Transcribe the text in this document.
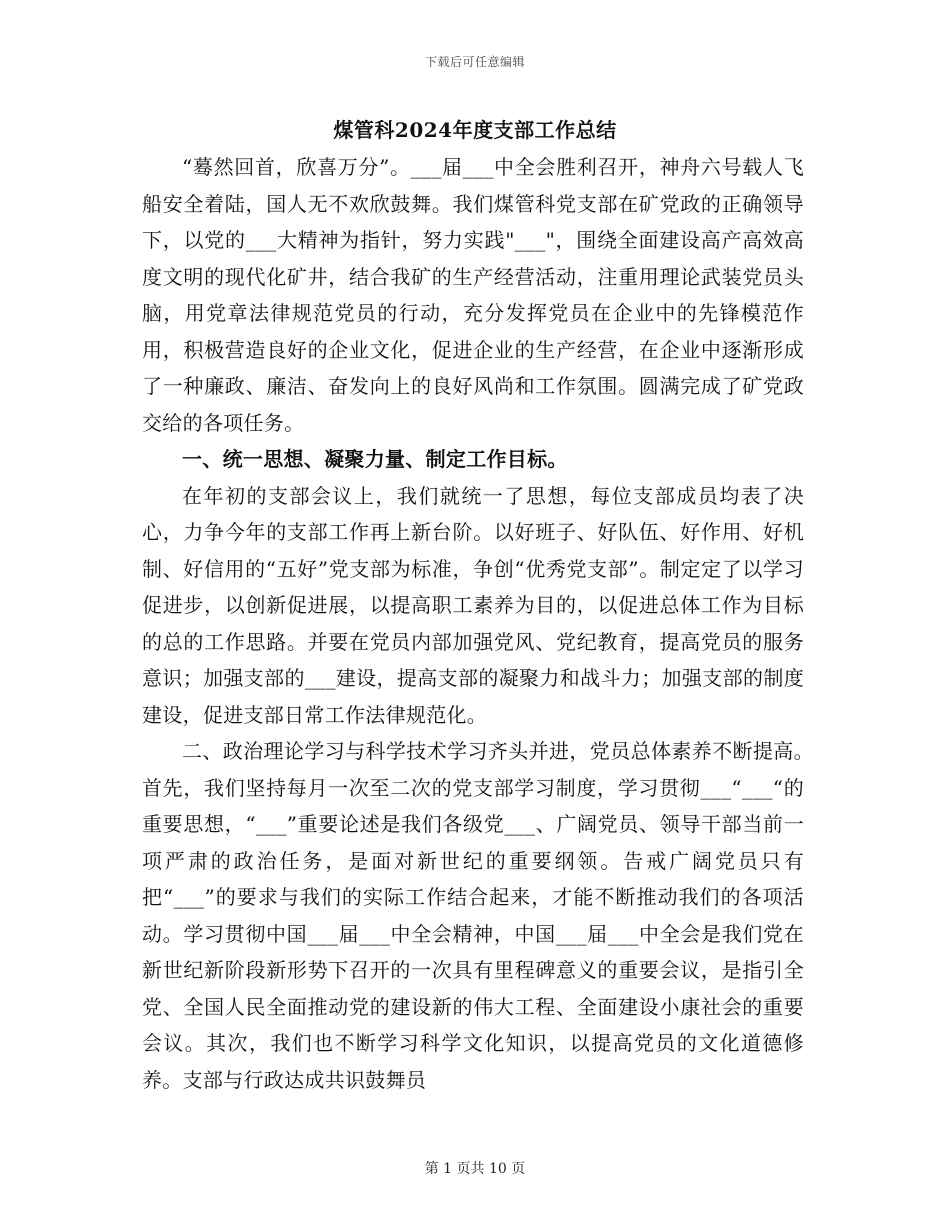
下载后可任意编辑
煤管科2024年度支部工作总结

“蓦然回首，欣喜万分”。___届___中全会胜利召开，神舟六号载人飞船安全着陆，国人无不欢欣鼓舞。我们煤管科党支部在矿党政的正确领导下，以党的___大精神为指针，努力实践"___"，围绕全面建设高产高效高度文明的现代化矿井，结合我矿的生产经营活动，注重用理论武装党员头脑，用党章法律规范党员的行动，充分发挥党员在企业中的先锋模范作用，积极营造良好的企业文化，促进企业的生产经营，在企业中逐渐形成了一种廉政、廉洁、奋发向上的良好风尚和工作氛围。圆满完成了矿党政交给的各项任务。

一、统一思想、凝聚力量、制定工作目标。

在年初的支部会议上，我们就统一了思想，每位支部成员均表了决心，力争今年的支部工作再上新台阶。以好班子、好队伍、好作用、好机制、好信用的“五好”党支部为标准，争创“优秀党支部”。制定定了以学习促进步，以创新促进展，以提高职工素养为目的，以促进总体工作为目标的总的工作思路。并要在党员内部加强党风、党纪教育，提高党员的服务意识；加强支部的___建设，提高支部的凝聚力和战斗力；加强支部的制度建设，促进支部日常工作法律规范化。

二、政治理论学习与科学技术学习齐头并进，党员总体素养不断提高。　首先，我们坚持每月一次至二次的党支部学习制度，学习贯彻___“___“的重要思想，“___”重要论述是我们各级党___、广阔党员、领导干部当前一项严肃的政治任务，是面对新世纪的重要纲领。告戒广阔党员只有把“___”的要求与我们的实际工作结合起来，才能不断推动我们的各项活动。学习贯彻中国___届___中全会精神，中国___届___中全会是我们党在新世纪新阶段新形势下召开的一次具有里程碑意义的重要会议，是指引全党、全国人民全面推动党的建设新的伟大工程、全面建设小康社会的重要会议。其次，我们也不断学习科学文化知识，以提高党员的文化道德修养。支部与行政达成共识鼓舞员

第 1 页共 10 页
